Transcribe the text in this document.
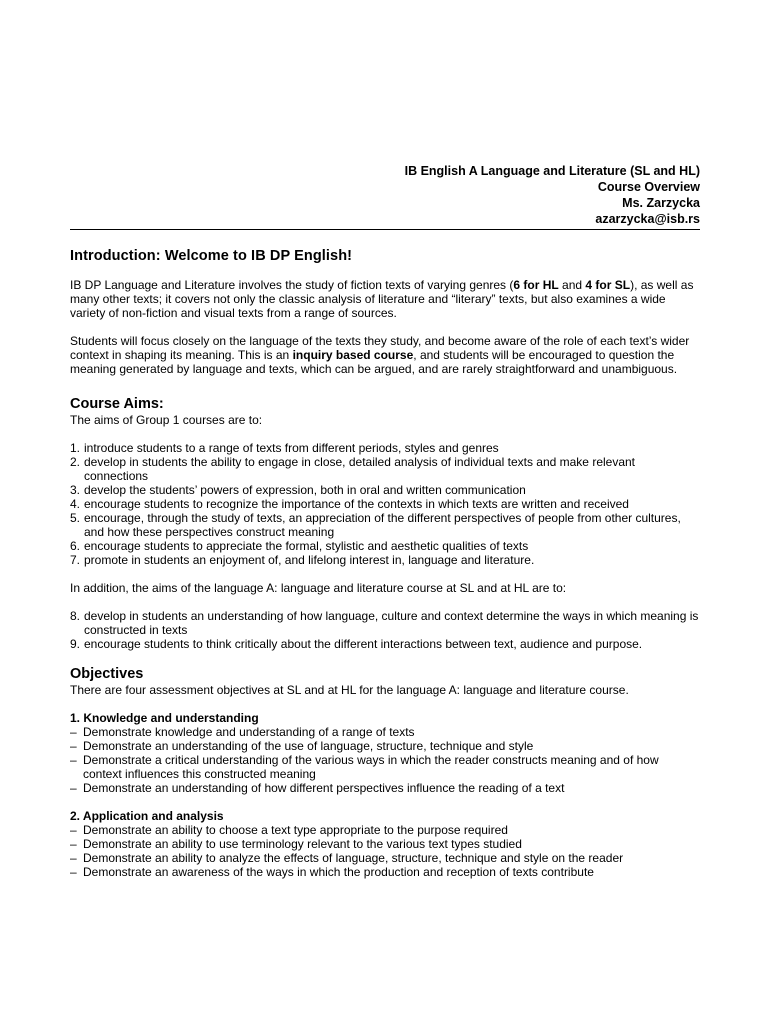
IB English A Language and Literature (SL and HL)
Course Overview
Ms. Zarzycka
azarzycka@isb.rs
Introduction: Welcome to IB DP English!

IB DP Language and Literature involves the study of fiction texts of varying genres (6 for HL and 4 for SL), as well as many other texts; it covers not only the classic analysis of literature and “literary” texts, but also examines a wide variety of non-fiction and visual texts from a range of sources.

Students will focus closely on the language of the texts they study, and become aware of the role of each text’s wider context in shaping its meaning. This is an inquiry based course, and students will be encouraged to question the meaning generated by language and texts, which can be argued, and are rarely straightforward and unambiguous.

Course Aims:

The aims of Group 1 courses are to:

1. introduce students to a range of texts from different periods, styles and genres
2. develop in students the ability to engage in close, detailed analysis of individual texts and make relevant connections
3. develop the students’ powers of expression, both in oral and written communication
4. encourage students to recognize the importance of the contexts in which texts are written and received
5. encourage, through the study of texts, an appreciation of the different perspectives of people from other cultures, and how these perspectives construct meaning
6. encourage students to appreciate the formal, stylistic and aesthetic qualities of texts
7. promote in students an enjoyment of, and lifelong interest in, language and literature.

In addition, the aims of the language A: language and literature course at SL and at HL are to:

8. develop in students an understanding of how language, culture and context determine the ways in which meaning is constructed in texts
9. encourage students to think critically about the different interactions between text, audience and purpose.
Objectives

There are four assessment objectives at SL and at HL for the language A: language and literature course.

1. Knowledge and understanding
– Demonstrate knowledge and understanding of a range of texts
– Demonstrate an understanding of the use of language, structure, technique and style
– Demonstrate a critical understanding of the various ways in which the reader constructs meaning and of how context influences this constructed meaning
– Demonstrate an understanding of how different perspectives influence the reading of a text
2. Application and analysis
– Demonstrate an ability to choose a text type appropriate to the purpose required
– Demonstrate an ability to use terminology relevant to the various text types studied
– Demonstrate an ability to analyze the effects of language, structure, technique and style on the reader
– Demonstrate an awareness of the ways in which the production and reception of texts contribute
